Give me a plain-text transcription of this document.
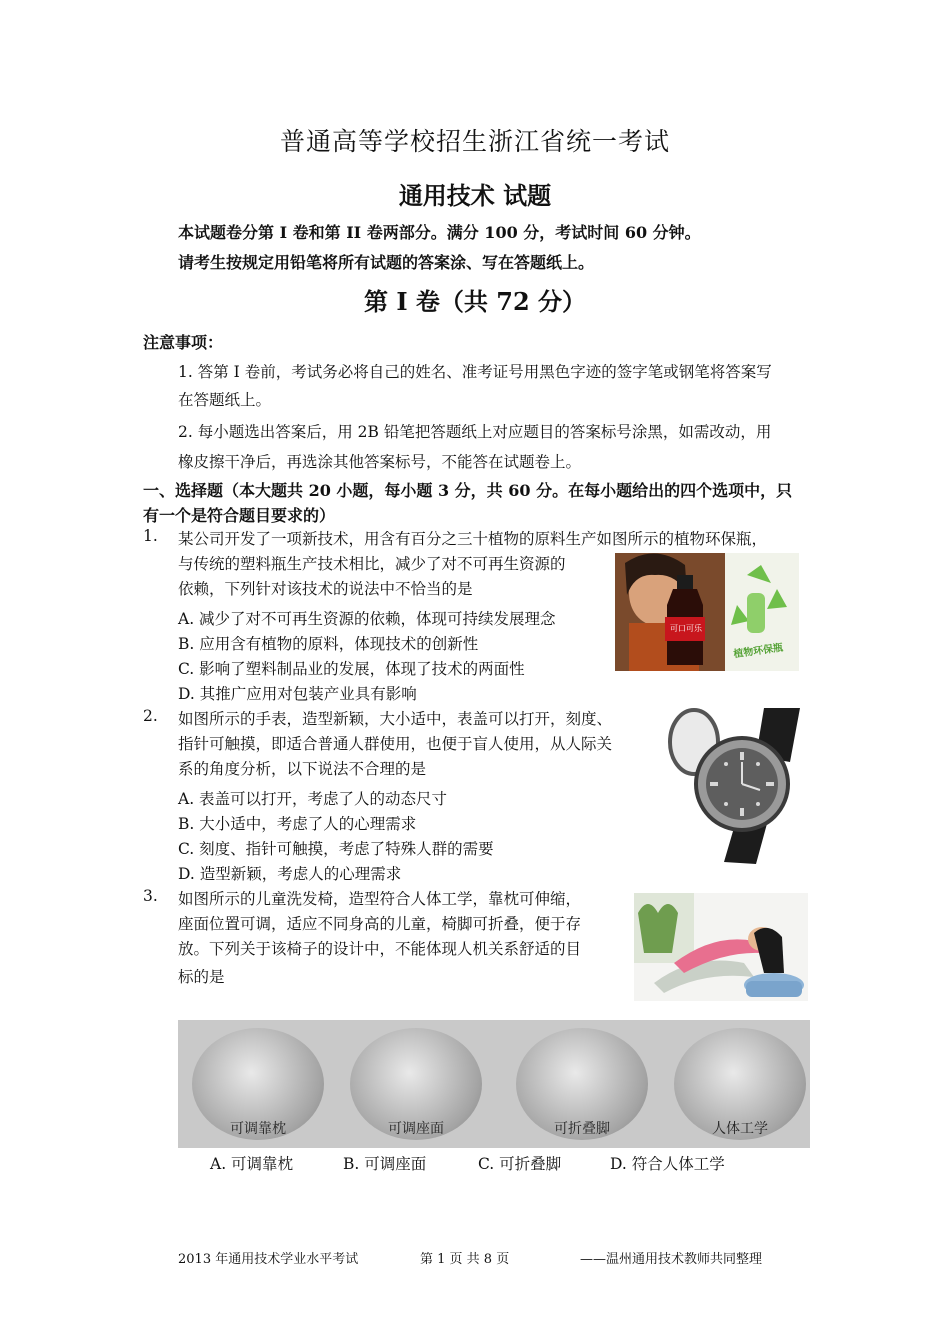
普通高等学校招生浙江省统一考试
通用技术 试题
本试题卷分第 I 卷和第 II 卷两部分。满分 100 分，考试时间 60 分钟。
请考生按规定用铅笔将所有试题的答案涂、写在答题纸上。
第 I 卷（共 72 分）
注意事项：
1. 答第 I 卷前，考试务必将自己的姓名、准考证号用黑色字迹的签字笔或钢笔将答案写
在答题纸上。
2. 每小题选出答案后，用 2B 铅笔把答题纸上对应题目的答案标号涂黑，如需改动，用
橡皮擦干净后，再选涂其他答案标号，不能答在试题卷上。
一、选择题（本大题共 20 小题，每小题 3 分，共 60 分。在每小题给出的四个选项中，只
有一个是符合题目要求的）
1. 某公司开发了一项新技术，用含有百分之三十植物的原料生产如图所示的植物环保瓶，
与传统的塑料瓶生产技术相比，减少了对不可再生资源的
依赖，下列针对该技术的说法中不恰当的是
A. 减少了对不可再生资源的依赖，体现可持续发展理念
B. 应用含有植物的原料，体现技术的创新性
C. 影响了塑料制品业的发展，体现了技术的两面性
D. 其推广应用对包装产业具有影响
可口可乐
植物环保瓶
2. 如图所示的手表，造型新颖，大小适中，表盖可以打开，刻度、
指针可触摸，即适合普通人群使用，也便于盲人使用，从人际关
系的角度分析，以下说法不合理的是
A. 表盖可以打开，考虑了人的动态尺寸
B. 大小适中，考虑了人的心理需求
C. 刻度、指针可触摸，考虑了特殊人群的需要
D. 造型新颖，考虑人的心理需求
3. 如图所示的儿童洗发椅，造型符合人体工学，靠枕可伸缩，
座面位置可调，适应不同身高的儿童，椅脚可折叠，便于存
放。下列关于该椅子的设计中，不能体现人机关系舒适的目
标的是
可调靠枕	可调座面	可折叠脚	人体工学
A. 可调靠枕	B. 可调座面	C. 可折叠脚	D. 符合人体工学
2013 年通用技术学业水平考试	第 1 页 共 8 页	——温州通用技术教师共同整理
